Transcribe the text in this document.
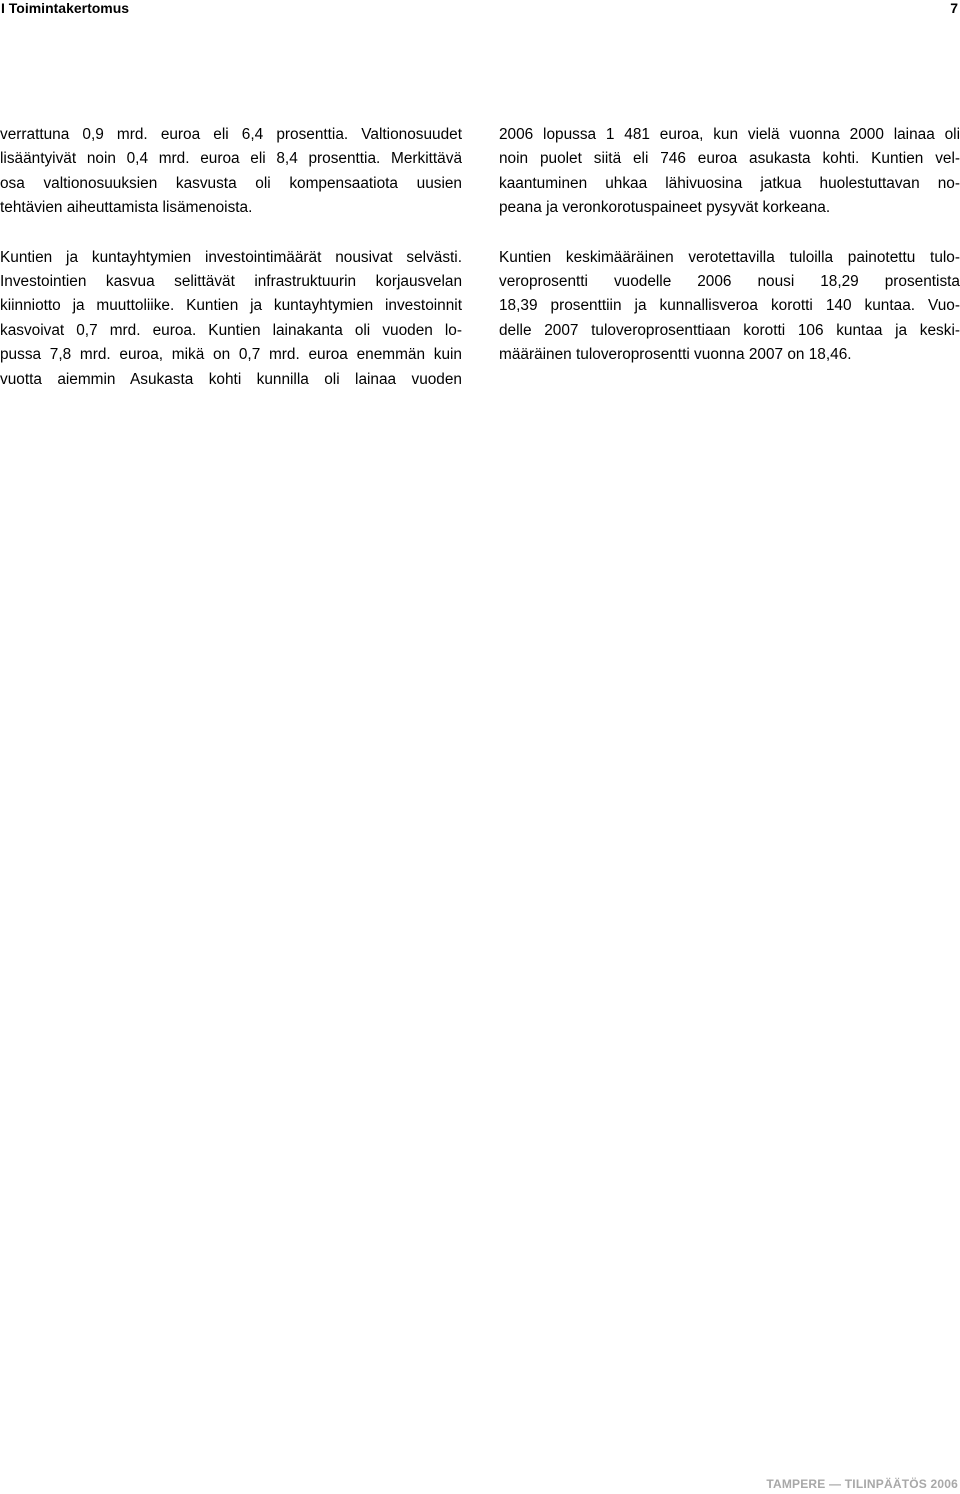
I Toimintakertomus	7
verrattuna 0,9 mrd. euroa eli 6,4 prosenttia. Valtionosuudet
lisääntyivät noin 0,4 mrd. euroa eli 8,4 prosenttia. Merkittävä
osa valtionosuuksien kasvusta oli kompensaatiota uusien
tehtävien aiheuttamista lisämenoista.
Kuntien ja kuntayhtymien investointimäärät nousivat selvästi.
Investointien kasvua selittävät infrastruktuurin korjausvelan
kiinniotto ja muuttoliike. Kuntien ja kuntayhtymien investoinnit
kasvoivat 0,7 mrd. euroa. Kuntien lainakanta oli vuoden lo-
pussa 7,8 mrd. euroa, mikä on 0,7 mrd. euroa enemmän kuin
vuotta aiemmin Asukasta kohti kunnilla oli lainaa vuoden
2006 lopussa 1 481 euroa, kun vielä vuonna 2000 lainaa oli
noin puolet siitä eli 746 euroa asukasta kohti. Kuntien vel-
kaantuminen uhkaa lähivuosina jatkua huolestuttavan no-
peana ja veronkorotuspaineet pysyvät korkeana.
Kuntien keskimääräinen verotettavilla tuloilla painotettu tulo-
veroprosentti vuodelle 2006 nousi 18,29 prosentista
18,39 prosenttiin ja kunnallisveroa korotti 140 kuntaa. Vuo-
delle 2007 tuloveroprosenttiaan korotti 106 kuntaa ja keski-
määräinen tuloveroprosentti vuonna 2007 on 18,46.
TAMPERE — TILINPÄÄTÖS 2006
